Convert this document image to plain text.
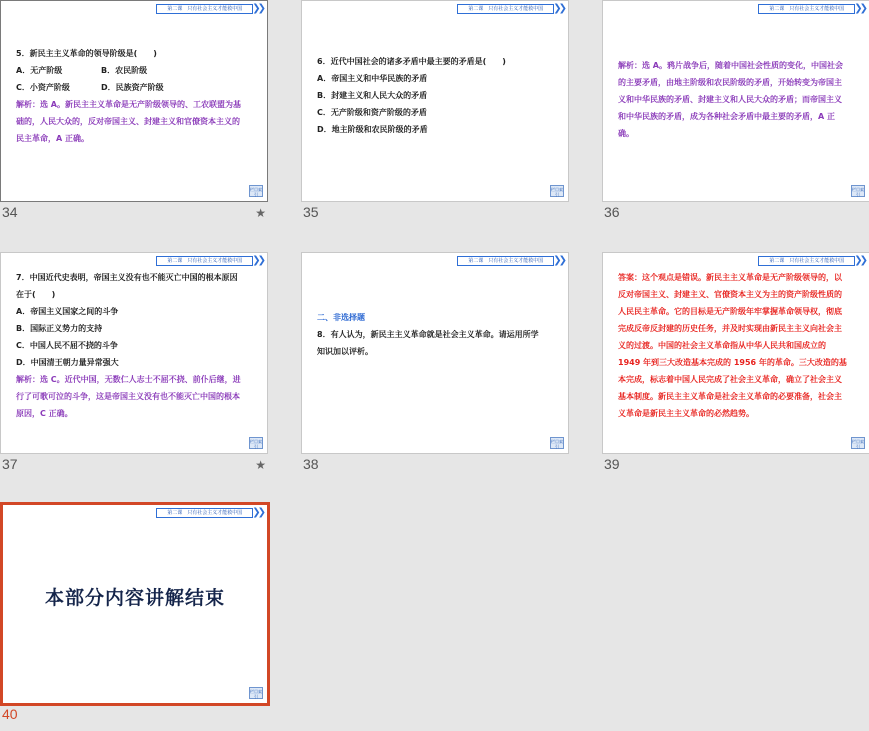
第二课　只有社会主义才能救中国	❯❯
5．新民主主义革命的领导阶级是(　　)
A．无产阶级	B．农民阶级
C．小资产阶级	D．民族资产阶级
解析：选 A。新民主主义革命是无产阶级领导的、工农联盟为基础的，人民大众的，反对帝国主义、封建主义和官僚资本主义的民主革命，A 正确。
栏目索引
34	★
第二课　只有社会主义才能救中国	❯❯
6．近代中国社会的诸多矛盾中最主要的矛盾是(　　)
A．帝国主义和中华民族的矛盾
B．封建主义和人民大众的矛盾
C．无产阶级和资产阶级的矛盾
D．地主阶级和农民阶级的矛盾
栏目索引
35
第二课　只有社会主义才能救中国	❯❯
解析：选 A。鸦片战争后，随着中国社会性质的变化，中国社会的主要矛盾，由地主阶级和农民阶级的矛盾，开始转变为帝国主义和中华民族的矛盾、封建主义和人民大众的矛盾；而帝国主义和中华民族的矛盾，成为各种社会矛盾中最主要的矛盾，A 正确。
栏目索引
36
第二课　只有社会主义才能救中国	❯❯
7．中国近代史表明，帝国主义没有也不能灭亡中国的根本原因在于(　　)
A．帝国主义国家之间的斗争
B．国际正义势力的支持
C．中国人民不屈不挠的斗争
D．中国清王朝力量异常强大
解析：选 C。近代中国，无数仁人志士不屈不挠、前仆后继，进行了可歌可泣的斗争，这是帝国主义没有也不能灭亡中国的根本原因，C 正确。
栏目索引
37	★
第二课　只有社会主义才能救中国	❯❯
二、非选择题
8．有人认为，新民主主义革命就是社会主义革命。请运用所学知识加以评析。
栏目索引
38
第二课　只有社会主义才能救中国	❯❯
答案：这个观点是错误。新民主主义革命是无产阶级领导的，以反对帝国主义、封建主义、官僚资本主义为主的资产阶级性质的人民民主革命。它的目标是无产阶级年牢掌握革命领导权，彻底完成反帝反封建的历史任务，并及时实现由新民主主义向社会主义的过渡。中国的社会主义革命指从中华人民共和国成立的 1949 年到三大改造基本完成的 1956 年的革命。三大改造的基本完成，标志着中国人民完成了社会主义革命，确立了社会主义基本制度。新民主主义革命是社会主义革命的必要准备，社会主义革命是新民主主义革命的必然趋势。
栏目索引
39
第二课　只有社会主义才能救中国	❯❯
本部分内容讲解结束
栏目索引
40
